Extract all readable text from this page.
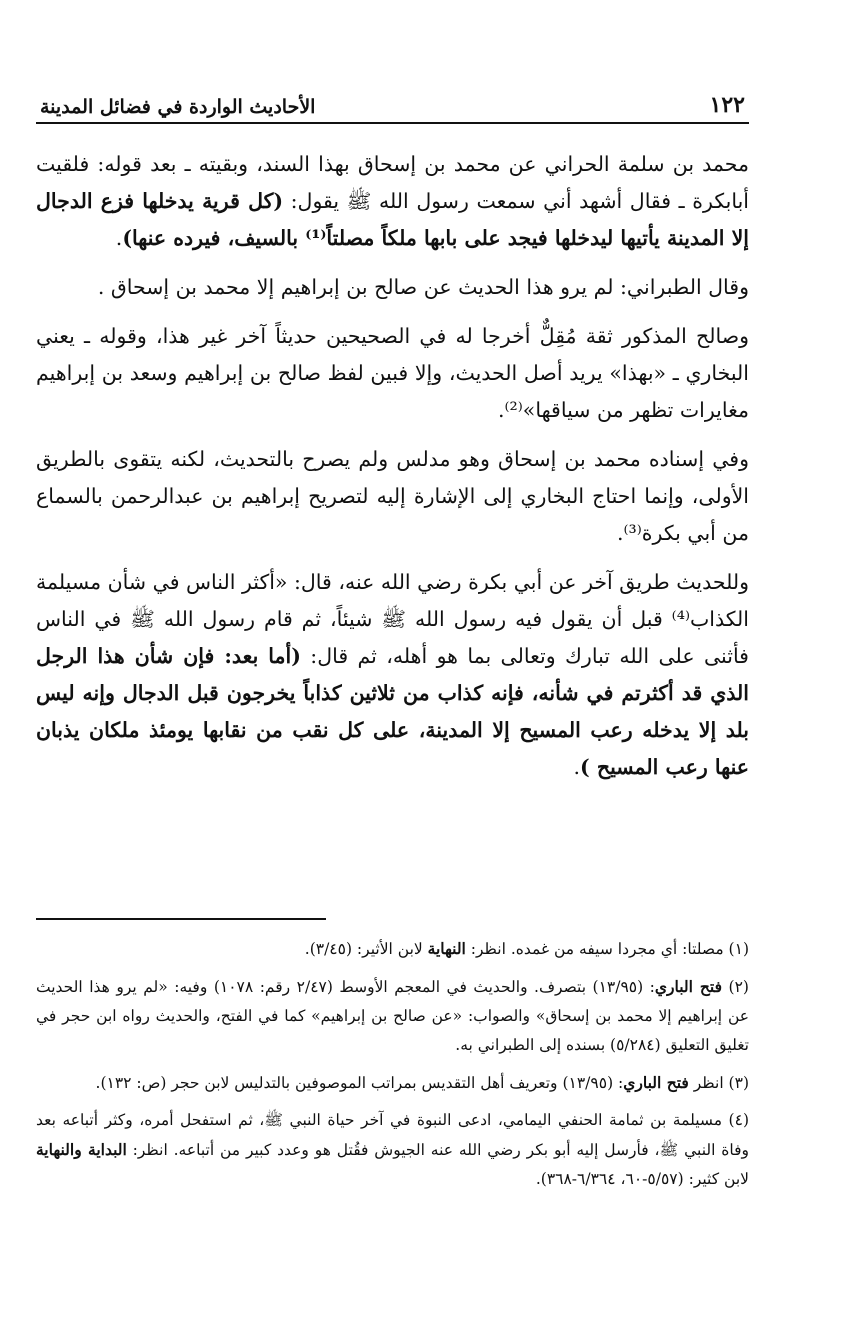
١٢٢
الأحاديث الواردة في فضائل المدينة

محمد بن سلمة الحراني عن محمد بن إسحاق بهذا السند، وبقيته ـ بعد قوله: فلقيت أبابكرة ـ فقال أشهد أني سمعت رسول الله ﷺ يقول: (كل قرية يدخلها فزع الدجال إلا المدينة يأتيها ليدخلها فيجد على بابها ملكاً مصلتاً⁽¹⁾ بالسيف، فيرده عنها).

وقال الطبراني: لم يرو هذا الحديث عن صالح بن إبراهيم إلا محمد بن إسحاق .

وصالح المذكور ثقة مُقِلٌّ أخرجا له في الصحيحين حديثاً آخر غير هذا، وقوله ـ يعني البخاري ـ «بهذا» يريد أصل الحديث، وإلا فبين لفظ صالح بن إبراهيم وسعد بن إبراهيم مغايرات تظهر من سياقها»⁽²⁾.

وفي إسناده محمد بن إسحاق وهو مدلس ولم يصرح بالتحديث، لكنه يتقوى بالطريق الأولى، وإنما احتاج البخاري إلى الإشارة إليه لتصريح إبراهيم بن عبدالرحمن بالسماع من أبي بكرة⁽³⁾.

وللحديث طريق آخر عن أبي بكرة رضي الله عنه، قال: «أكثر الناس في شأن مسيلمة الكذاب⁽⁴⁾ قبل أن يقول فيه رسول الله ﷺ شيئاً، ثم قام رسول الله ﷺ في الناس فأثنى على الله تبارك وتعالى بما هو أهله، ثم قال: (أما بعد: فإن شأن هذا الرجل الذي قد أكثرتم في شأنه، فإنه كذاب من ثلاثين كذاباً يخرجون قبل الدجال وإنه ليس بلد إلا يدخله رعب المسيح إلا المدينة، على كل نقب من نقابها يومئذ ملكان يذبان عنها رعب المسيح ).

(١) مصلتا: أي مجردا سيفه من غمده. انظر: النهاية لابن الأثير: (٣/٤٥).

(٢) فتح الباري: (١٣/٩٥) بتصرف. والحديث في المعجم الأوسط (٢/٤٧ رقم: ١٠٧٨) وفيه: «لم يرو هذا الحديث عن إبراهيم إلا محمد بن إسحاق» والصواب: «عن صالح بن إبراهيم» كما في الفتح، والحديث رواه ابن حجر في تغليق التعليق (٥/٢٨٤) بسنده إلى الطبراني به.

(٣) انظر فتح الباري: (١٣/٩٥) وتعريف أهل التقديس بمراتب الموصوفين بالتدليس لابن حجر (ص: ١٣٢).

(٤) مسيلمة بن ثمامة الحنفي اليمامي، ادعى النبوة في آخر حياة النبي ﷺ، ثم استفحل أمره، وكثر أتباعه بعد وفاة النبي ﷺ، فأرسل إليه أبو بكر رضي الله عنه الجيوش فقُتل هو وعدد كبير من أتباعه. انظر: البداية والنهاية لابن كثير: (٥/٥٧-٦٠، ٦/٣٦٤-٣٦٨).
